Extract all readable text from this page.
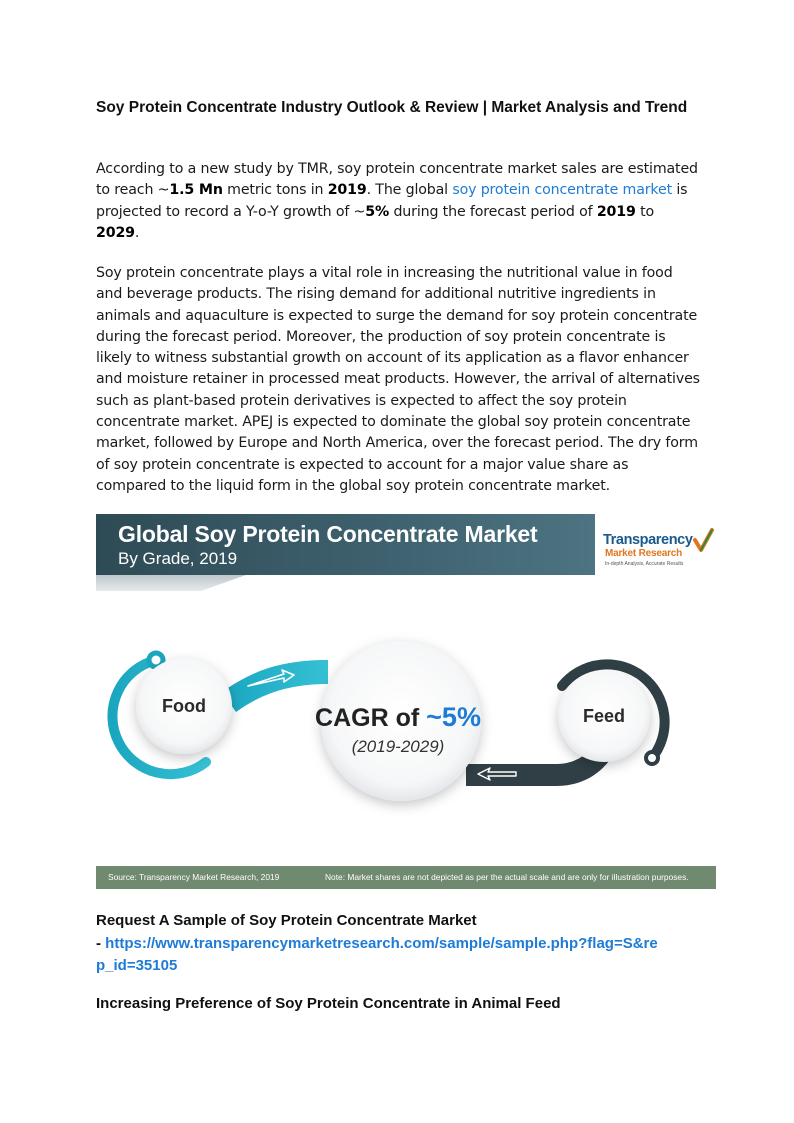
Soy Protein Concentrate Industry Outlook & Review | Market Analysis and Trend

According to a new study by TMR, soy protein concentrate market sales are estimated to reach ~1.5 Mn metric tons in 2019. The global soy protein concentrate market is projected to record a Y-o-Y growth of ~5% during the forecast period of 2019 to 2029.

Soy protein concentrate plays a vital role in increasing the nutritional value in food and beverage products. The rising demand for additional nutritive ingredients in animals and aquaculture is expected to surge the demand for soy protein concentrate during the forecast period. Moreover, the production of soy protein concentrate is likely to witness substantial growth on account of its application as a flavor enhancer and moisture retainer in processed meat products. However, the arrival of alternatives such as plant-based protein derivatives is expected to affect the soy protein concentrate market. APEJ is expected to dominate the global soy protein concentrate market, followed by Europe and North America, over the forecast period. The dry form of soy protein concentrate is expected to account for a major value share as compared to the liquid form in the global soy protein concentrate market.

Global Soy Protein Concentrate Market
By Grade, 2019
Transparency
Market Research
In-depth Analysis, Accurate Results
Food	Feed
CAGR of ~5%
(2019-2029)
Source: Transparency Market Research, 2019	Note: Market shares are not depicted as per the actual scale and are only for illustration purposes.
Request A Sample of Soy Protein Concentrate Market
- https://www.transparencymarketresearch.com/sample/sample.php?flag=S&re
p_id=35105
Increasing Preference of Soy Protein Concentrate in Animal Feed
